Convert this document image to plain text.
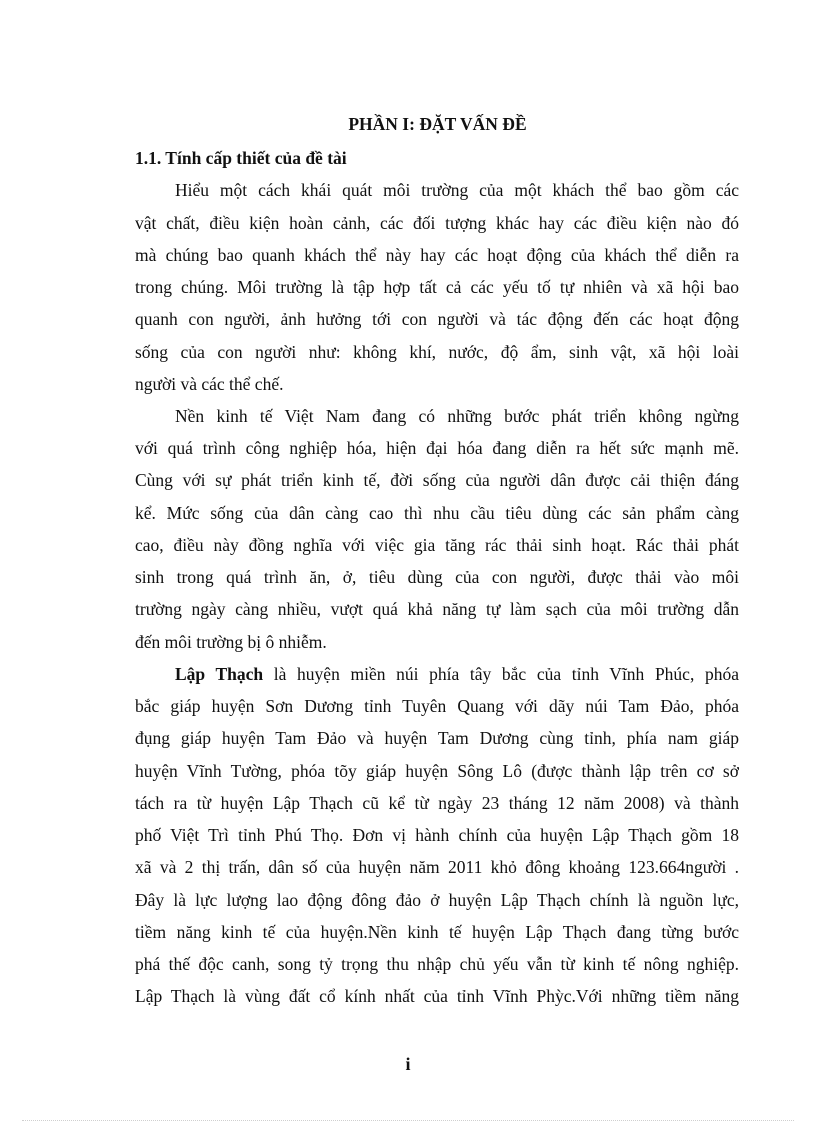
PHẦN I: ĐẶT VẤN ĐỀ
1.1. Tính cấp thiết của đề tài
Hiểu một cách khái quát môi trường của một khách thể bao gồm các
vật chất, điều kiện hoàn cảnh, các đối tượng khác hay các điều kiện nào đó
mà chúng bao quanh khách thể này hay các hoạt động của khách thể diễn ra
trong chúng. Môi trường là tập hợp tất cả các yếu tố tự nhiên và xã hội bao
quanh con người, ảnh hưởng tới con người và tác động đến các hoạt động
sống của con người như: không khí, nước, độ ẩm, sinh vật, xã hội loài
người và các thể chế.
Nền kinh tế Việt Nam đang có những bước phát triển không ngừng
với quá trình công nghiệp hóa, hiện đại hóa đang diễn ra hết sức mạnh mẽ.
Cùng với sự phát triển kinh tế, đời sống của người dân được cải thiện đáng
kể. Mức sống của dân càng cao thì nhu cầu tiêu dùng các sản phẩm càng
cao, điều này đồng nghĩa với việc gia tăng rác thải sinh hoạt. Rác thải phát
sinh trong quá trình ăn, ở, tiêu dùng của con người, được thải vào môi
trường ngày càng nhiều, vượt quá khả năng tự làm sạch của môi trường dẫn
đến môi trường bị ô nhiễm.
Lập Thạch là huyện miền núi phía tây bắc của tỉnh Vĩnh Phúc, phóa
bắc giáp huyện Sơn Dương tỉnh Tuyên Quang với dãy núi Tam Đảo, phóa
đụng giáp huyện Tam Đảo và huyện Tam Dương cùng tỉnh, phía nam giáp
huyện Vĩnh Tường, phóa tõy giáp huyện Sông Lô (được thành lập trên cơ sở
tách ra từ huyện Lập Thạch cũ kể từ ngày 23 tháng 12 năm 2008) và thành
phố Việt Trì tỉnh Phú Thọ. Đơn vị hành chính của huyện Lập Thạch gồm 18
xã và 2 thị trấn, dân số của huyện năm 2011 khỏ đông khoảng 123.664người .
Đây là lực lượng lao động đông đảo ở huyện Lập Thạch chính là nguồn lực,
tiềm năng kinh tế của huyện.Nền kinh tế huyện Lập Thạch đang từng bước
phá thế độc canh, song tỷ trọng thu nhập chủ yếu vẫn từ kinh tế nông nghiệp.
Lập Thạch là vùng đất cổ kính nhất của tỉnh Vĩnh Phỳc.Với những tiềm năng
i
